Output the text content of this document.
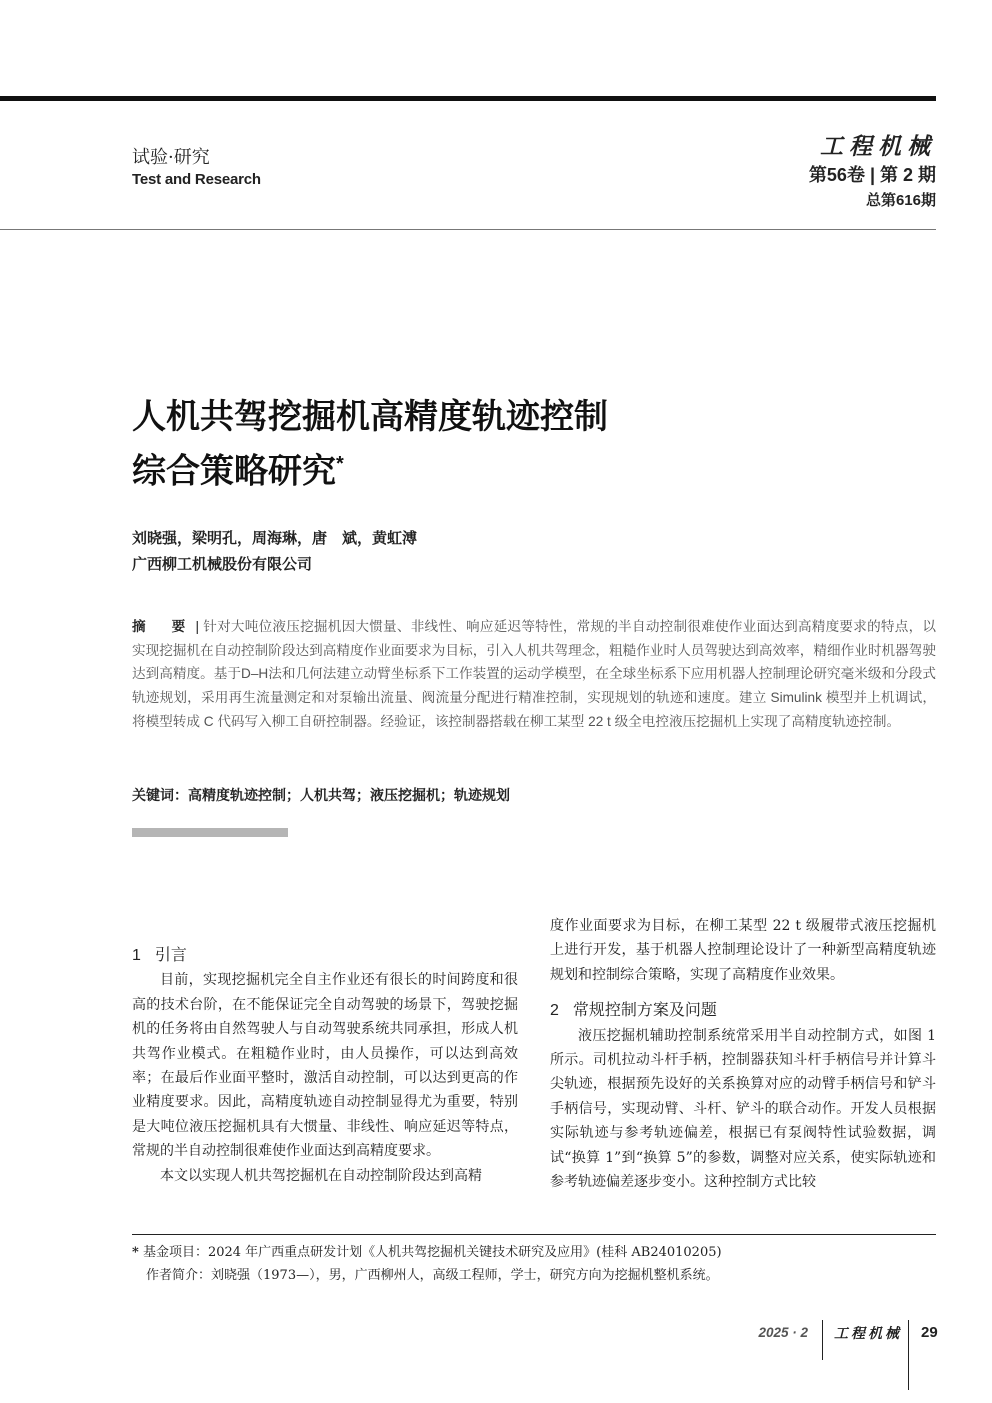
试验·研究
Test and Research
工程机械
第56卷 | 第 2 期
总第616期
人机共驾挖掘机高精度轨迹控制
综合策略研究*
刘晓强，梁明孔，周海琳，唐　斌，黄虹溥
广西柳工机械股份有限公司
摘　要 | 针对大吨位液压挖掘机因大惯量、非线性、响应延迟等特性，常规的半自动控制很难使作业面达到高精度要求的特点，以实现挖掘机在自动控制阶段达到高精度作业面要求为目标，引入人机共驾理念，粗糙作业时人员驾驶达到高效率，精细作业时机器驾驶达到高精度。基于D–H法和几何法建立动臂坐标系下工作装置的运动学模型，在全球坐标系下应用机器人控制理论研究毫米级和分段式轨迹规划，采用再生流量测定和对泵输出流量、阀流量分配进行精准控制，实现规划的轨迹和速度。建立 Simulink 模型并上机调试，将模型转成 C 代码写入柳工自研控制器。经验证，该控制器搭载在柳工某型 22 t 级全电控液压挖掘机上实现了高精度轨迹控制。
关键词：高精度轨迹控制；人机共驾；液压挖掘机；轨迹规划

1 引言

目前，实现挖掘机完全自主作业还有很长的时间跨度和很高的技术台阶，在不能保证完全自动驾驶的场景下，驾驶挖掘机的任务将由自然驾驶人与自动驾驶系统共同承担，形成人机共驾作业模式。在粗糙作业时，由人员操作，可以达到高效率；在最后作业面平整时，激活自动控制，可以达到更高的作业精度要求。因此，高精度轨迹自动控制显得尤为重要，特别是大吨位液压挖掘机具有大惯量、非线性、响应延迟等特点，常规的半自动控制很难使作业面达到高精度要求。

本文以实现人机共驾挖掘机在自动控制阶段达到高精

度作业面要求为目标，在柳工某型 22 t 级履带式液压挖掘机上进行开发，基于机器人控制理论设计了一种新型高精度轨迹规划和控制综合策略，实现了高精度作业效果。

2 常规控制方案及问题

液压挖掘机辅助控制系统常采用半自动控制方式，如图 1 所示。司机拉动斗杆手柄，控制器获知斗杆手柄信号并计算斗尖轨迹，根据预先设好的关系换算对应的动臂手柄信号和铲斗手柄信号，实现动臂、斗杆、铲斗的联合动作。开发人员根据实际轨迹与参考轨迹偏差，根据已有泵阀特性试验数据，调试“换算 1”到“换算 5”的参数，调整对应关系，使实际轨迹和参考轨迹偏差逐步变小。这种控制方式比较

* 基金项目：2024 年广西重点研发计划《人机共驾挖掘机关键技术研究及应用》(桂科 AB24010205)
作者简介：刘晓强（1973—），男，广西柳州人，高级工程师，学士，研究方向为挖掘机整机系统。
2025 · 2 工程机械 29
